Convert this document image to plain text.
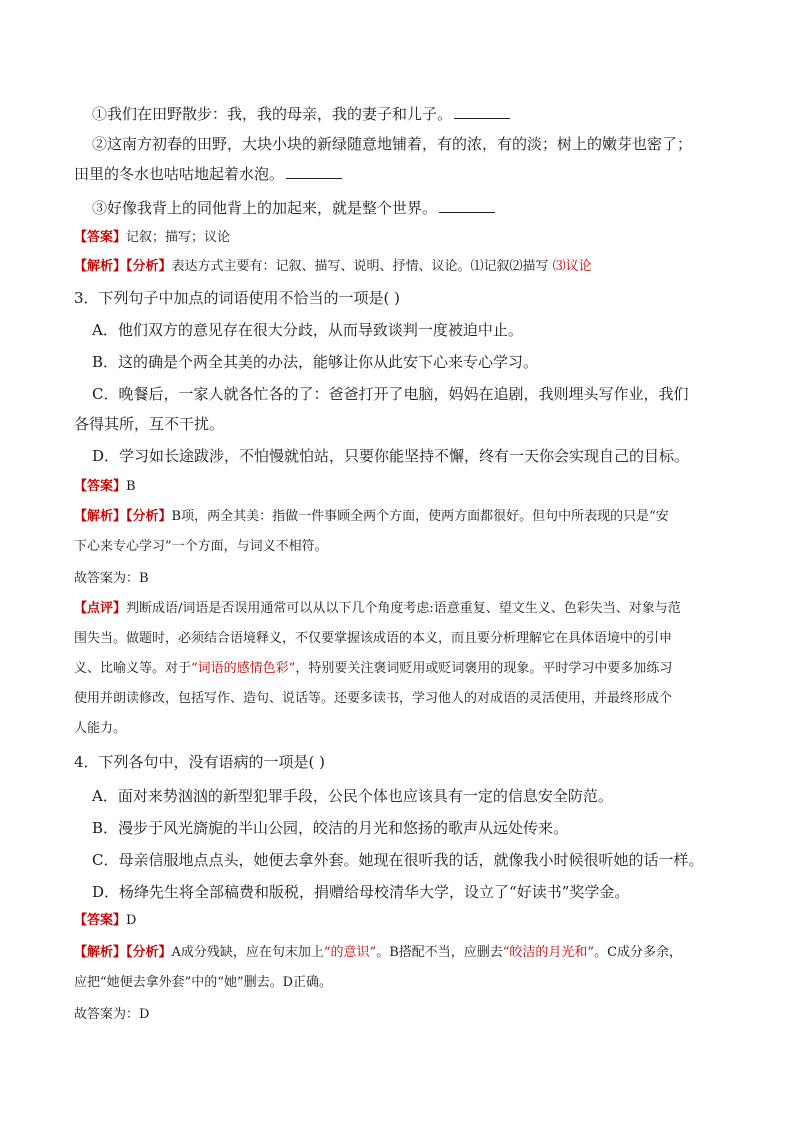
①我们在田野散步：我，我的母亲，我的妻子和儿子。
②这南方初春的田野，大块小块的新绿随意地铺着，有的浓，有的淡；树上的嫩芽也密了；
田里的冬水也咕咕地起着水泡。
③好像我背上的同他背上的加起来，就是整个世界。
【答案】记叙；描写；议论
【解析】【分析】表达方式主要有：记叙、描写、说明、抒情、议论。⑴记叙⑵描写 ⑶议论
3．下列句子中加点的词语使用不恰当的一项是( )
A．他们双方的意见存在很大分歧，从而导致谈判一度被迫中止。
B．这的确是个两全其美的办法，能够让你从此安下心来专心学习。
C．晚餐后，一家人就各忙各的了：爸爸打开了电脑，妈妈在追剧，我则埋头写作业，我们
各得其所，互不干扰。
D．学习如长途跋涉，不怕慢就怕站，只要你能坚持不懈，终有一天你会实现自己的目标。
【答案】B
【解析】【分析】B项，两全其美：指做一件事顾全两个方面，使两方面都很好。但句中所表现的只是“安
下心来专心学习”一个方面，与词义不相符。
故答案为：B
【点评】判断成语/词语是否误用通常可以从以下几个角度考虑:语意重复、望文生义、色彩失当、对象与范
围失当。做题时，必须结合语境释义，不仅要掌握该成语的本义，而且要分析理解它在具体语境中的引申
义、比喻义等。对于“词语的感情色彩”，特别要关注褒词贬用或贬词褒用的现象。平时学习中要多加练习
使用并朗读修改，包括写作、造句、说话等。还要多读书，学习他人的对成语的灵活使用，并最终形成个
人能力。
4．下列各句中，没有语病的一项是( )
A．面对来势汹汹的新型犯罪手段，公民个体也应该具有一定的信息安全防范。
B．漫步于风光旖旎的半山公园，皎洁的月光和悠扬的歌声从远处传来。
C．母亲信服地点点头，她便去拿外套。她现在很听我的话，就像我小时候很听她的话一样。
D．杨绛先生将全部稿费和版税，捐赠给母校清华大学，设立了“好读书”奖学金。
【答案】D
【解析】【分析】A成分残缺，应在句末加上“的意识”。B搭配不当，应删去“皎洁的月光和”。C成分多余，
应把“她便去拿外套”中的“她”删去。D正确。
故答案为：D
